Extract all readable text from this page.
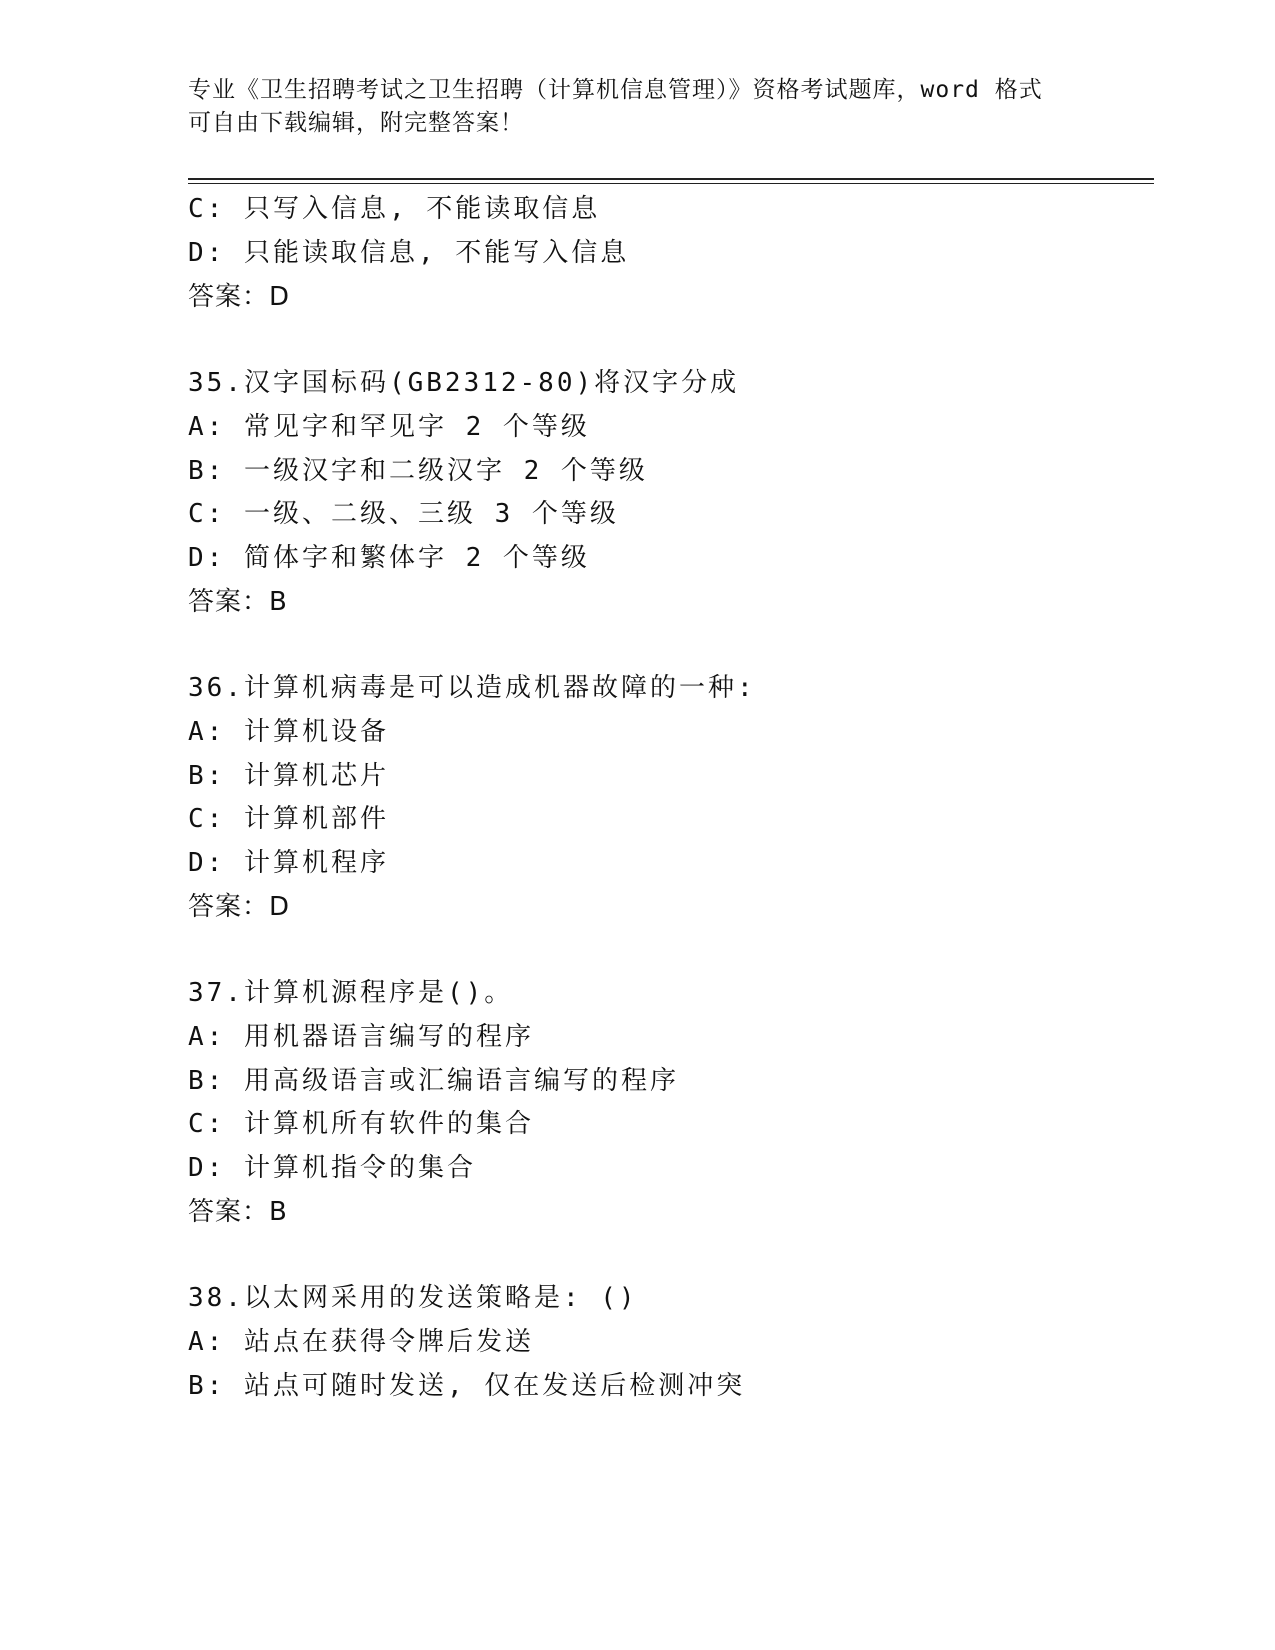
专业《卫生招聘考试之卫生招聘（计算机信息管理）》资格考试题库，word 格式
可自由下载编辑，附完整答案！
C: 只写入信息, 不能读取信息
D: 只能读取信息, 不能写入信息
答案：D
35.汉字国标码(GB2312-80)将汉字分成
A: 常见字和罕见字 2 个等级
B: 一级汉字和二级汉字 2 个等级
C: 一级、二级、三级 3 个等级
D: 简体字和繁体字 2 个等级
答案：B
36.计算机病毒是可以造成机器故障的一种:
A: 计算机设备
B: 计算机芯片
C: 计算机部件
D: 计算机程序
答案：D
37.计算机源程序是()。
A: 用机器语言编写的程序
B: 用高级语言或汇编语言编写的程序
C: 计算机所有软件的集合
D: 计算机指令的集合
答案：B
38.以太网采用的发送策略是: ()
A: 站点在获得令牌后发送
B: 站点可随时发送, 仅在发送后检测冲突
